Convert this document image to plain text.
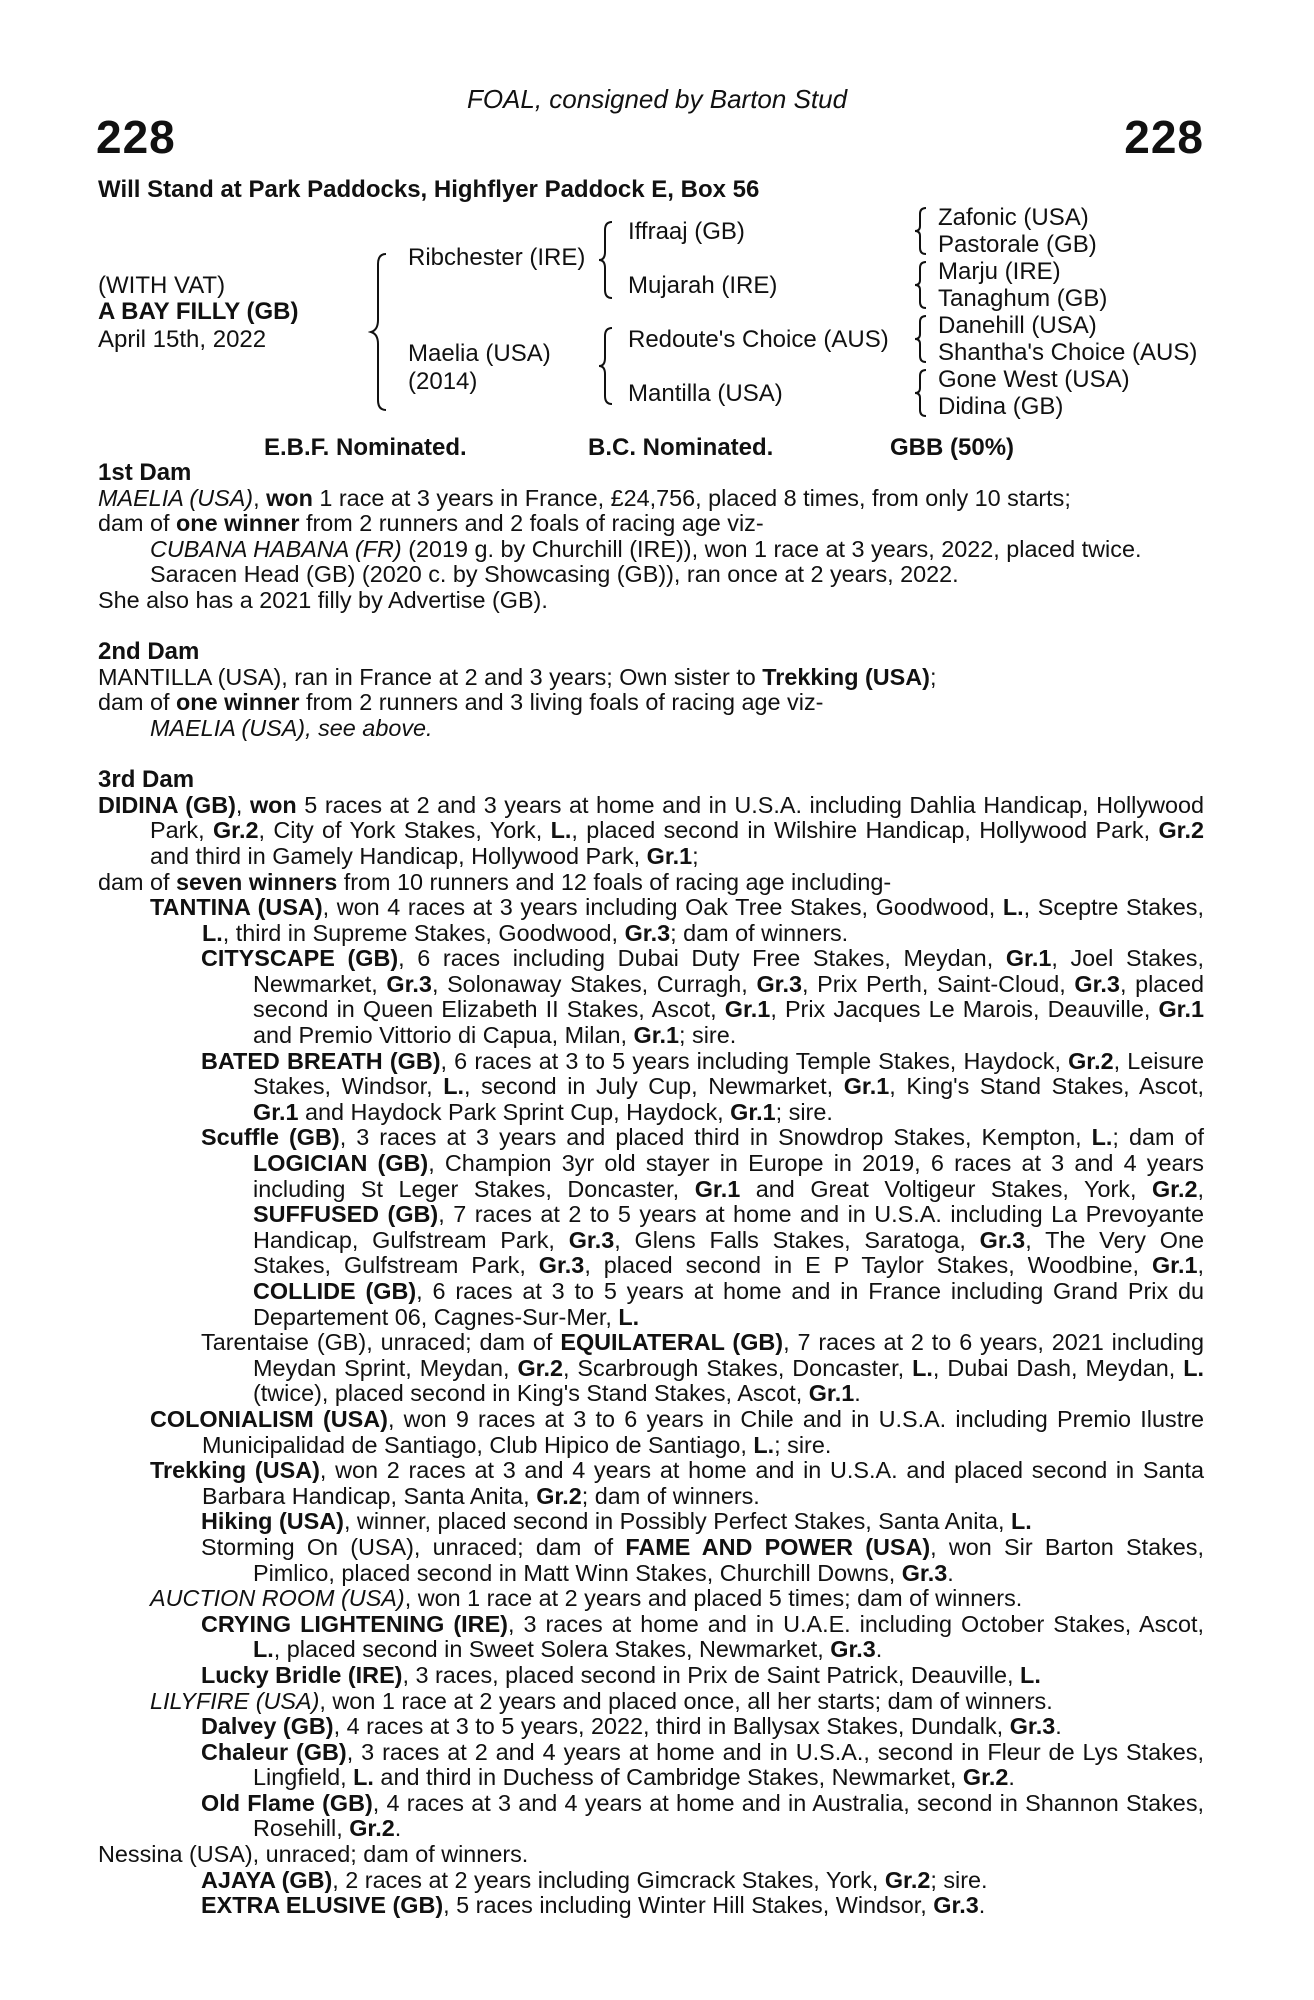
FOAL, consigned by Barton Stud
228	228
Will Stand at Park Paddocks, Highflyer Paddock E, Box 56
(WITH VAT)
A BAY FILLY (GB)
April 15th, 2022
Ribchester (IRE)
Maelia (USA)
(2014)
Iffraaj (GB)
Mujarah (IRE)
Redoute's Choice (AUS)
Mantilla (USA)
Zafonic (USA)
Pastorale (GB)
Marju (IRE)
Tanaghum (GB)
Danehill (USA)
Shantha's Choice (AUS)
Gone West (USA)
Didina (GB)
E.B.F. Nominated.	B.C. Nominated.	GBB (50%)

1st Dam

MAELIA (USA), won 1 race at 3 years in France, £24,756, placed 8 times, from only 10 starts;

dam of one winner from 2 runners and 2 foals of racing age viz-

CUBANA HABANA (FR) (2019 g. by Churchill (IRE)), won 1 race at 3 years, 2022, placed twice.

Saracen Head (GB) (2020 c. by Showcasing (GB)), ran once at 2 years, 2022.

She also has a 2021 filly by Advertise (GB).

2nd Dam

MANTILLA (USA), ran in France at 2 and 3 years; Own sister to Trekking (USA);

dam of one winner from 2 runners and 3 living foals of racing age viz-

MAELIA (USA), see above.

3rd Dam

DIDINA (GB), won 5 races at 2 and 3 years at home and in U.S.A. including Dahlia Handicap, Hollywood Park, Gr.2, City of York Stakes, York, L., placed second in Wilshire Handicap, Hollywood Park, Gr.2 and third in Gamely Handicap, Hollywood Park, Gr.1;

dam of seven winners from 10 runners and 12 foals of racing age including-

TANTINA (USA), won 4 races at 3 years including Oak Tree Stakes, Goodwood, L., Sceptre Stakes, L., third in Supreme Stakes, Goodwood, Gr.3; dam of winners.

CITYSCAPE (GB), 6 races including Dubai Duty Free Stakes, Meydan, Gr.1, Joel Stakes, Newmarket, Gr.3, Solonaway Stakes, Curragh, Gr.3, Prix Perth, Saint-Cloud, Gr.3, placed second in Queen Elizabeth II Stakes, Ascot, Gr.1, Prix Jacques Le Marois, Deauville, Gr.1 and Premio Vittorio di Capua, Milan, Gr.1; sire.

BATED BREATH (GB), 6 races at 3 to 5 years including Temple Stakes, Haydock, Gr.2, Leisure Stakes, Windsor, L., second in July Cup, Newmarket, Gr.1, King's Stand Stakes, Ascot, Gr.1 and Haydock Park Sprint Cup, Haydock, Gr.1; sire.

Scuffle (GB), 3 races at 3 years and placed third in Snowdrop Stakes, Kempton, L.; dam of LOGICIAN (GB), Champion 3yr old stayer in Europe in 2019, 6 races at 3 and 4 years including St Leger Stakes, Doncaster, Gr.1 and Great Voltigeur Stakes, York, Gr.2, SUFFUSED (GB), 7 races at 2 to 5 years at home and in U.S.A. including La Prevoyante Handicap, Gulfstream Park, Gr.3, Glens Falls Stakes, Saratoga, Gr.3, The Very One Stakes, Gulfstream Park, Gr.3, placed second in E P Taylor Stakes, Woodbine, Gr.1, COLLIDE (GB), 6 races at 3 to 5 years at home and in France including Grand Prix du Departement 06, Cagnes-Sur-Mer, L.

Tarentaise (GB), unraced; dam of EQUILATERAL (GB), 7 races at 2 to 6 years, 2021 including Meydan Sprint, Meydan, Gr.2, Scarbrough Stakes, Doncaster, L., Dubai Dash, Meydan, L. (twice), placed second in King's Stand Stakes, Ascot, Gr.1.

COLONIALISM (USA), won 9 races at 3 to 6 years in Chile and in U.S.A. including Premio Ilustre Municipalidad de Santiago, Club Hipico de Santiago, L.; sire.

Trekking (USA), won 2 races at 3 and 4 years at home and in U.S.A. and placed second in Santa Barbara Handicap, Santa Anita, Gr.2; dam of winners.

Hiking (USA), winner, placed second in Possibly Perfect Stakes, Santa Anita, L.

Storming On (USA), unraced; dam of FAME AND POWER (USA), won Sir Barton Stakes, Pimlico, placed second in Matt Winn Stakes, Churchill Downs, Gr.3.

AUCTION ROOM (USA), won 1 race at 2 years and placed 5 times; dam of winners.

CRYING LIGHTENING (IRE), 3 races at home and in U.A.E. including October Stakes, Ascot, L., placed second in Sweet Solera Stakes, Newmarket, Gr.3.

Lucky Bridle (IRE), 3 races, placed second in Prix de Saint Patrick, Deauville, L.

LILYFIRE (USA), won 1 race at 2 years and placed once, all her starts; dam of winners.

Dalvey (GB), 4 races at 3 to 5 years, 2022, third in Ballysax Stakes, Dundalk, Gr.3.

Chaleur (GB), 3 races at 2 and 4 years at home and in U.S.A., second in Fleur de Lys Stakes, Lingfield, L. and third in Duchess of Cambridge Stakes, Newmarket, Gr.2.

Old Flame (GB), 4 races at 3 and 4 years at home and in Australia, second in Shannon Stakes, Rosehill, Gr.2.

Nessina (USA), unraced; dam of winners.

AJAYA (GB), 2 races at 2 years including Gimcrack Stakes, York, Gr.2; sire.

EXTRA ELUSIVE (GB), 5 races including Winter Hill Stakes, Windsor, Gr.3.
